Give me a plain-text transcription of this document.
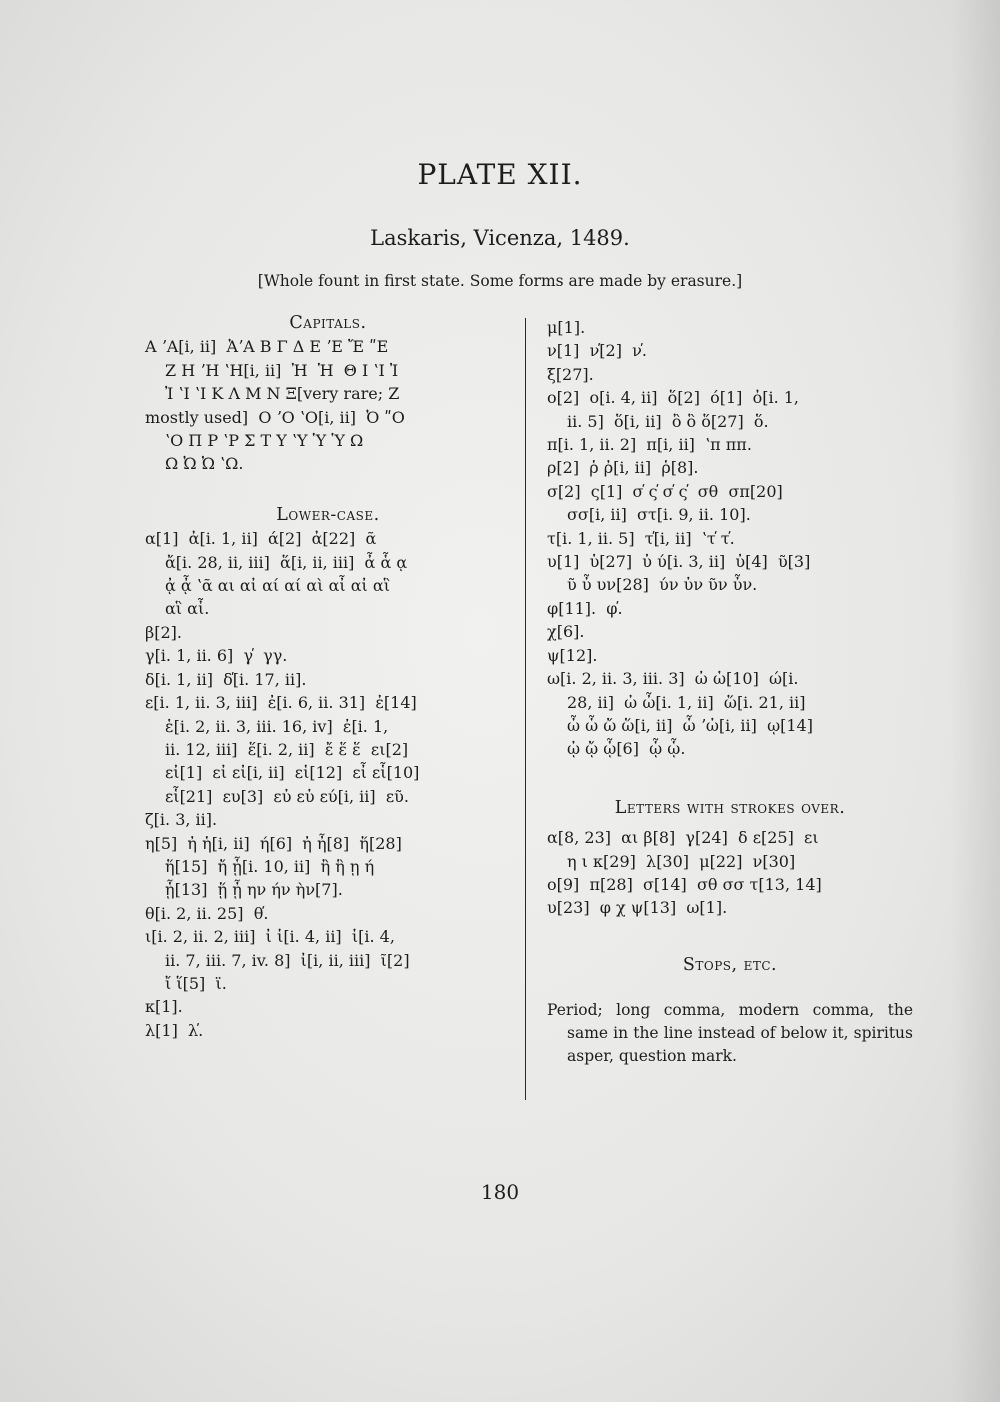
PLATE XII.
Laskaris, Vicenza, 1489.
[Whole fount in first state. Some forms are made by erasure.]

Capitals.

Α ʼΑ[i, ii]  ἈʼΑ Β Γ Δ Ε ʼΕ Ἔ ʺΕ

Ζ Η ʼΗ ʽΗ[i, ii]  Ἠ  Ἡ  Θ Ι ʽΙ Ἰ

Ἰ ʽΙ ʽΙ Κ Λ Μ Ν Ξ[very rare; Ζ

mostly used]  Ο ʼΟ ʽΟ[i, ii]  Ὀ ʺΟ

ʽΟ Π Ρ ʽΡ Σ Τ Υ ʽΥ Ὑ Ὑ Ω

Ω Ὠ Ὠ ʽΩ.

Lower-case.

α[1]  ἀ[i. 1, ii]  ά[2]  ἀ[22]  ᾶ

ἄ[i. 28, ii, iii]  ἅ[i, ii, iii]  ἆ ἇ ᾳ

ᾀ ᾆ ʽᾶ αι αἰ αί αί αὶ αἶ αἰ αἳ

αἳ αἶ.

β[2].

γ[i. 1, ii. 6]  γ̕  γγ.

δ[i. 1, ii]  δ̕[i. 17, ii].

ε[i. 1, ii. 3, iii]  ἐ[i. 6, ii. 31]  ἐ[14]

ἑ[i. 2, ii. 3, iii. 16, iv]  ἐ[i. 1,

ii. 12, iii]  ἕ[i. 2, ii]  ἔ ἕ ἕ  ει[2]

εἰ[1]  εἰ εἰ[i, ii]  εἱ[12]  εἶ εἷ[10]

εἷ[21]  ευ[3]  εὐ εὑ εύ[i, ii]  εῦ.

ζ[i. 3, ii].

η[5]  ἠ ἡ[i, ii]  ή[6]  ἠ ἦ[8]  ἥ[28]

ἥ[15]  ἤ ᾗ[i. 10, ii]  ἢ ἣ ῃ ή

ᾗ[13]  ᾕ ᾖ ην ήν ὴν[7].

θ[i. 2, ii. 25]  θ̕.

ι[i. 2, ii. 2, iii]  ἰ ἱ[i. 4, ii]  ἱ[i. 4,

ii. 7, iii. 7, iv. 8]  ἰ[i, ii, iii]  ῖ[2]

ἴ ἵ[5]  ϊ.

κ[1].

λ[1]  λ̕.

μ[1].

ν[1]  ν̕[2]  ν̕.

ξ[27].

ο[2]  ο[i. 4, ii]  ὅ[2]  ό[1]  ὀ[i. 1,

ii. 5]  ὅ[i, ii]  ὂ ὃ ὅ[27]  ὅ.

π[i. 1, ii. 2]  π[i, ii]  ʽπ ππ.

ρ[2]  ῥ ῤ[i, ii]  ῥ[8].

σ[2]  ς[1]  σ̕ ς̕ σ̕ ς̕  σθ  σπ[20]

σσ[i, ii]  στ[i. 9, ii. 10].

τ[i. 1, ii. 5]  τ̕[i, ii]  ʽτ̕ τ̕.

υ[1]  ὑ[27]  ὐ ύ[i. 3, ii]  ὐ[4]  ῦ[3]

ῦ ὖ υν[28]  ύν ὐν ῦν ὖν.

φ[11].  φ̕.

χ[6].

ψ[12].

ω[i. 2, ii. 3, iii. 3]  ὠ ὡ[10]  ώ[i.

28, ii]  ὠ ὦ[i. 1, ii]  ὥ[i. 21, ii]

ὦ ὧ ὤ ὥ[i, ii]  ὧ ʼὠ[i, ii]  ῳ[14]

ᾠ ᾤ ᾦ[6]  ᾧ ᾧ.

Letters with strokes over.

α[8, 23]  αι β[8]  γ[24]  δ ε[25]  ει

η ι κ[29]  λ[30]  μ[22]  ν[30]

ο[9]  π[28]  σ[14]  σθ σσ τ[13, 14]

υ[23]  φ χ ψ[13]  ω[1].

Stops, etc.

Period; long comma, modern comma, the same in the line instead of below it, spiritus asper, question mark.

180
